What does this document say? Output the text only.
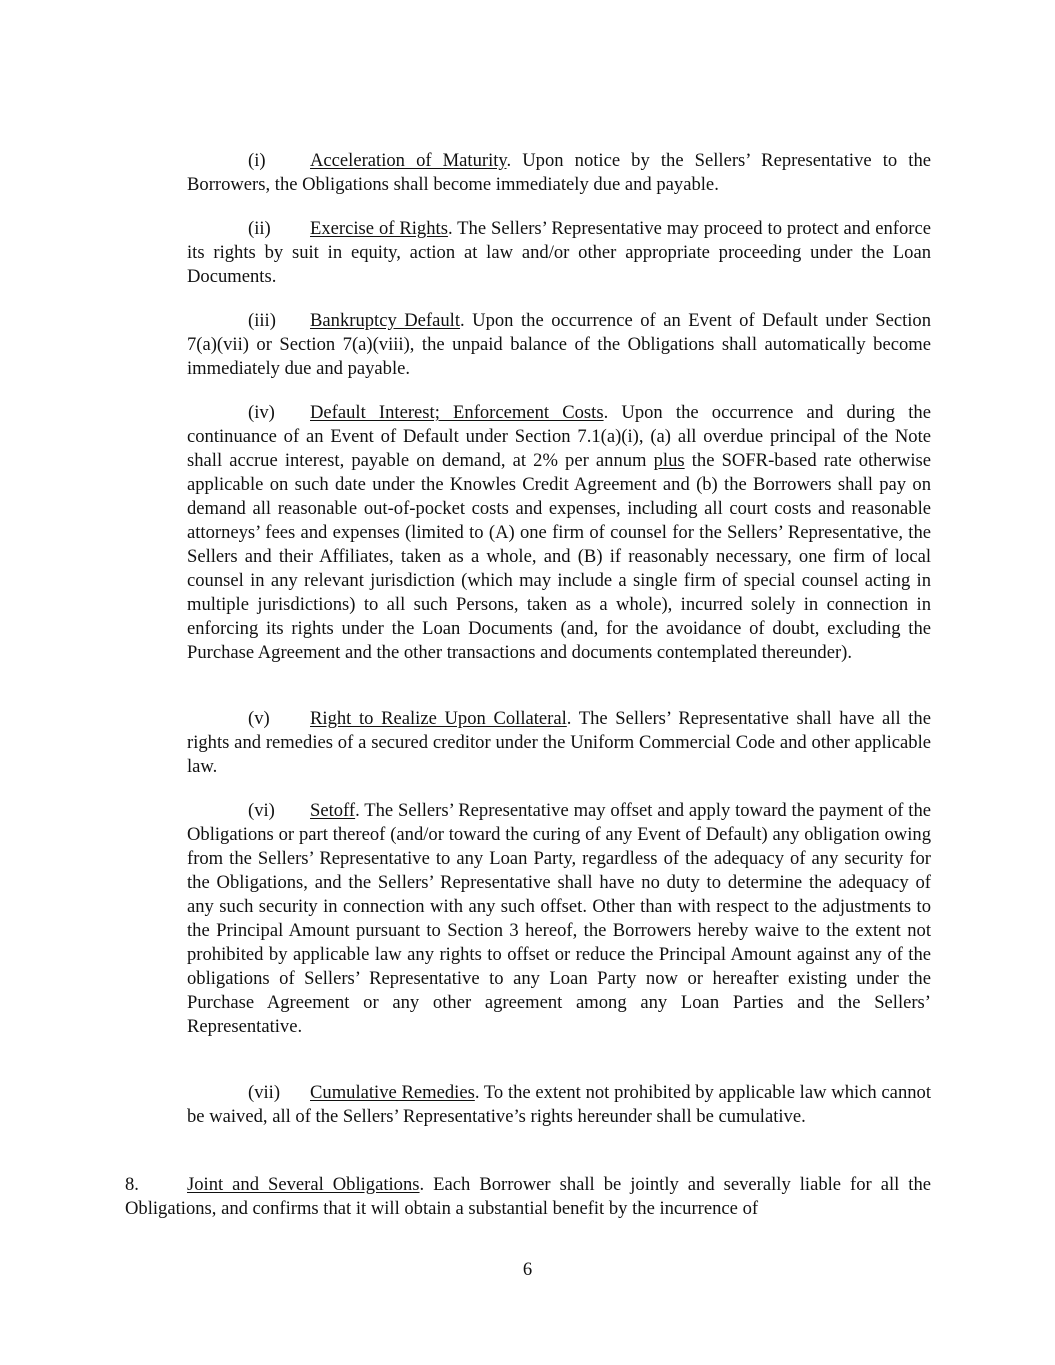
(i) Acceleration of Maturity. Upon notice by the Sellers’ Representative to the Borrowers, the Obligations shall become immediately due and payable.

(ii) Exercise of Rights. The Sellers’ Representative may proceed to protect and enforce its rights by suit in equity, action at law and/or other appropriate proceeding under the Loan Documents.

(iii) Bankruptcy Default. Upon the occurrence of an Event of Default under Section 7(a)(vii) or Section 7(a)(viii), the unpaid balance of the Obligations shall automatically become immediately due and payable.

(iv) Default Interest; Enforcement Costs. Upon the occurrence and during the continuance of an Event of Default under Section 7.1(a)(i), (a) all overdue principal of the Note shall accrue interest, payable on demand, at 2% per annum plus the SOFR-based rate otherwise applicable on such date under the Knowles Credit Agreement and (b) the Borrowers shall pay on demand all reasonable out-of-pocket costs and expenses, including all court costs and reasonable attorneys’ fees and expenses (limited to (A) one firm of counsel for the Sellers’ Representative, the Sellers and their Affiliates, taken as a whole, and (B) if reasonably necessary, one firm of local counsel in any relevant jurisdiction (which may include a single firm of special counsel acting in multiple jurisdictions) to all such Persons, taken as a whole), incurred solely in connection in enforcing its rights under the Loan Documents (and, for the avoidance of doubt, excluding the Purchase Agreement and the other transactions and documents contemplated thereunder).

(v) Right to Realize Upon Collateral. The Sellers’ Representative shall have all the rights and remedies of a secured creditor under the Uniform Commercial Code and other applicable law.

(vi) Setoff. The Sellers’ Representative may offset and apply toward the payment of the Obligations or part thereof (and/or toward the curing of any Event of Default) any obligation owing from the Sellers’ Representative to any Loan Party, regardless of the adequacy of any security for the Obligations, and the Sellers’ Representative shall have no duty to determine the adequacy of any such security in connection with any such offset. Other than with respect to the adjustments to the Principal Amount pursuant to Section 3 hereof, the Borrowers hereby waive to the extent not prohibited by applicable law any rights to offset or reduce the Principal Amount against any of the obligations of Sellers’ Representative to any Loan Party now or hereafter existing under the Purchase Agreement or any other agreement among any Loan Parties and the Sellers’ Representative.

(vii) Cumulative Remedies. To the extent not prohibited by applicable law which cannot be waived, all of the Sellers’ Representative’s rights hereunder shall be cumulative.

8.	Joint and Several Obligations. Each Borrower shall be jointly and severally liable for all the Obligations, and confirms that it will obtain a substantial benefit by the incurrence of

6
